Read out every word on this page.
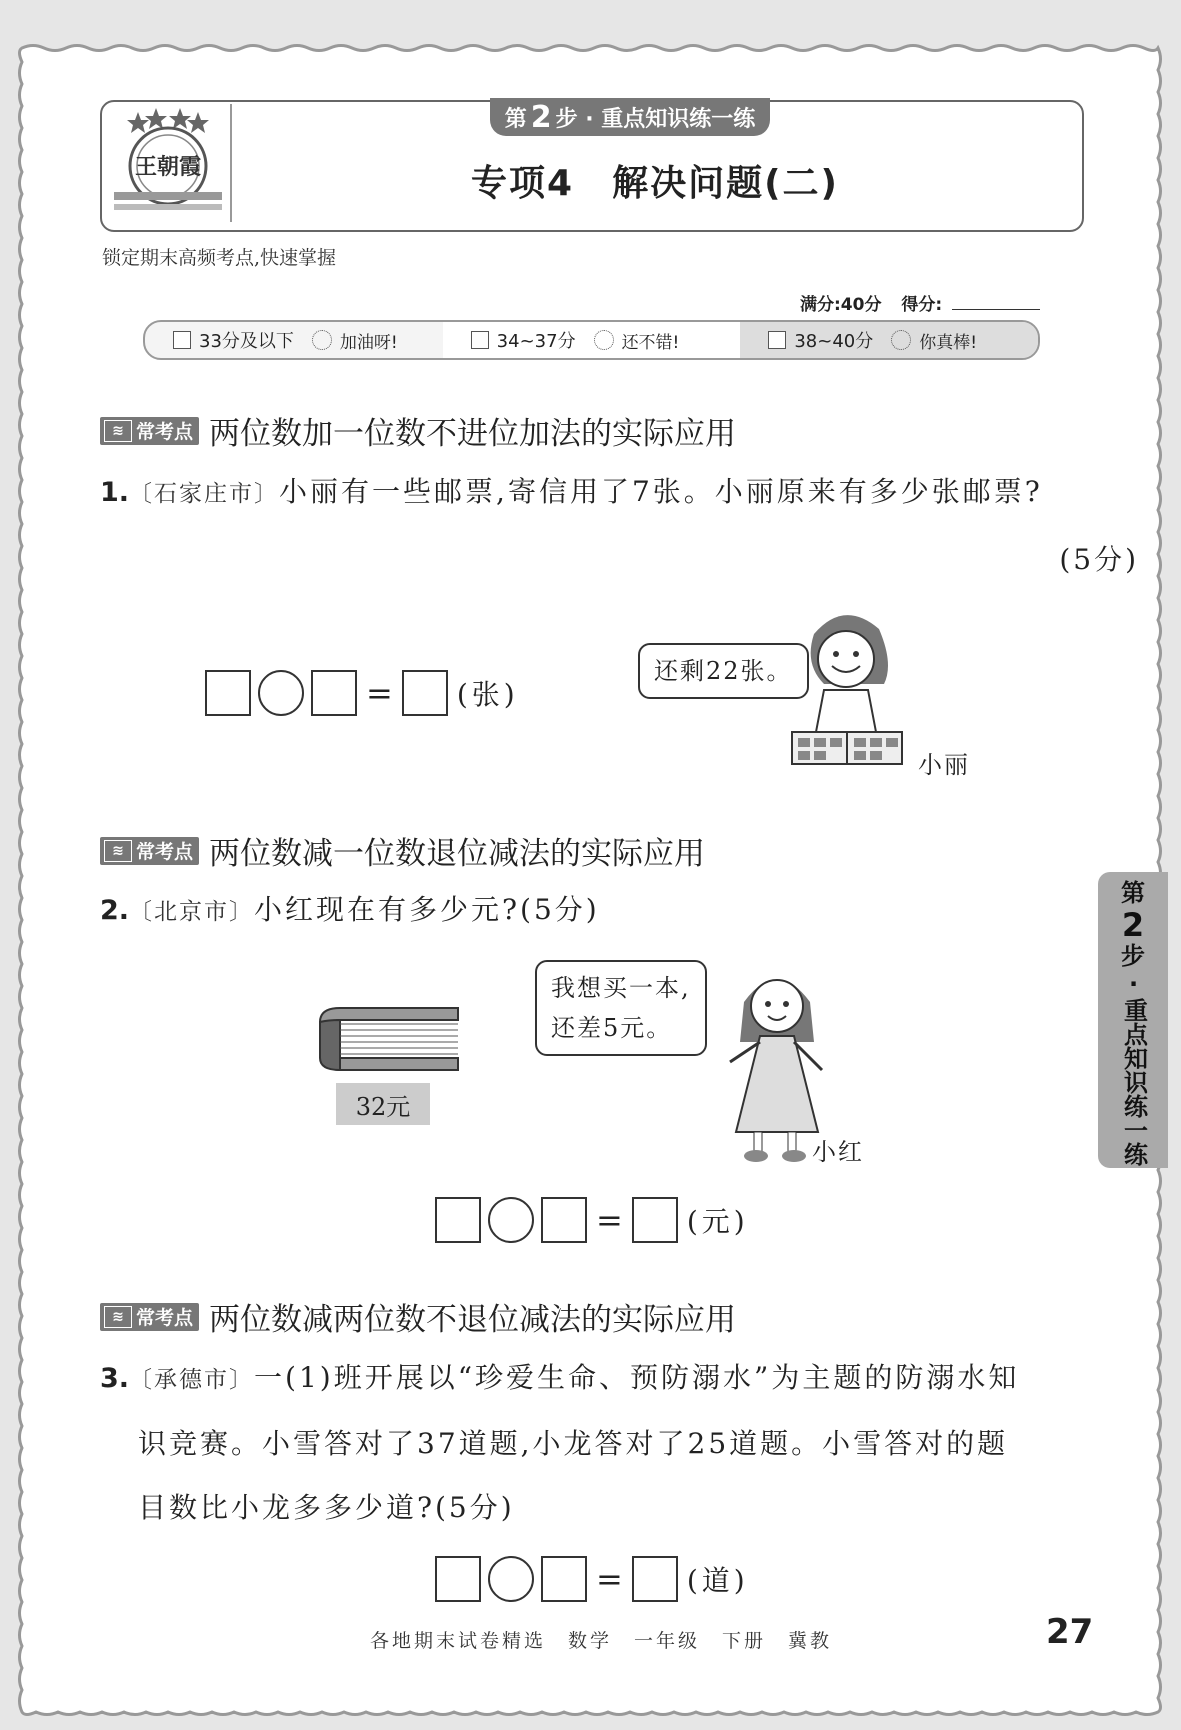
王朝霞
第 2 步 · 重点知识练一练
专项4　解决问题(二)
锁定期末高频考点,快速掌握
满分:40分 得分:
33分及以下	加油呀!	34~37分	还不错!	38~40分	你真棒!
≋ 常考点 两位数加一位数不进位加法的实际应用
1.〔石家庄市〕小丽有一些邮票,寄信用了7张。小丽原来有多少张邮票?
(5分)
= (张)
还剩22张。
小丽
≋ 常考点 两位数减一位数退位减法的实际应用
2.〔北京市〕小红现在有多少元?(5分)
32元
我想买一本,
还差5元。
小红
= (元)
≋ 常考点 两位数减两位数不退位减法的实际应用
3.〔承德市〕一(1)班开展以“珍爱生命、预防溺水”为主题的防溺水知
识竞赛。小雪答对了37道题,小龙答对了25道题。小雪答对的题
目数比小龙多多少道?(5分)
= (道)
第
2
步
·重点知识练一练
各地期末试卷精选　数学　一年级　下册　冀教	27
